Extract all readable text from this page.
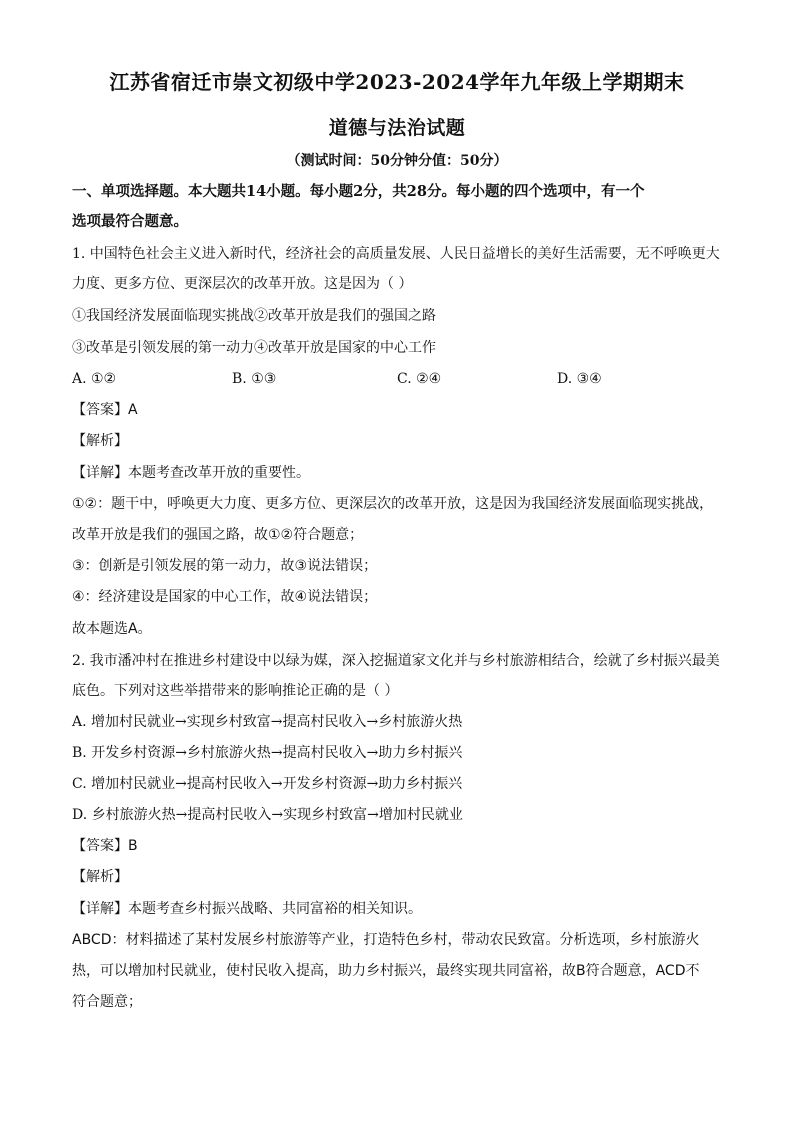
江苏省宿迁市崇文初级中学2023-2024学年九年级上学期期末
道德与法治试题
（测试时间：50分钟分值：50分）
一、单项选择题。本大题共14小题。每小题2分，共28分。每小题的四个选项中，有一个
选项最符合题意。
1. 中国特色社会主义进入新时代，经济社会的高质量发展、人民日益增长的美好生活需要，无不呼唤更大
力度、更多方位、更深层次的改革开放。这是因为（ ）
①我国经济发展面临现实挑战②改革开放是我们的强国之路
③改革是引领发展的第一动力④改革开放是国家的中心工作
A. ①②	B. ①③	C. ②④	D. ③④
【答案】A
【解析】
【详解】本题考查改革开放的重要性。
①②：题干中，呼唤更大力度、更多方位、更深层次的改革开放，这是因为我国经济发展面临现实挑战，
改革开放是我们的强国之路，故①②符合题意；
③：创新是引领发展的第一动力，故③说法错误；
④：经济建设是国家的中心工作，故④说法错误；
故本题选A。
2. 我市潘冲村在推进乡村建设中以绿为媒，深入挖掘道家文化并与乡村旅游相结合，绘就了乡村振兴最美
底色。下列对这些举措带来的影响推论正确的是（ ）
A. 增加村民就业→实现乡村致富→提高村民收入→乡村旅游火热
B. 开发乡村资源→乡村旅游火热→提高村民收入→助力乡村振兴
C. 增加村民就业→提高村民收入→开发乡村资源→助力乡村振兴
D. 乡村旅游火热→提高村民收入→实现乡村致富→增加村民就业
【答案】B
【解析】
【详解】本题考查乡村振兴战略、共同富裕的相关知识。
ABCD：材料描述了某村发展乡村旅游等产业，打造特色乡村，带动农民致富。分析选项，乡村旅游火
热，可以增加村民就业，使村民收入提高，助力乡村振兴，最终实现共同富裕，故B符合题意，ACD不
符合题意；
